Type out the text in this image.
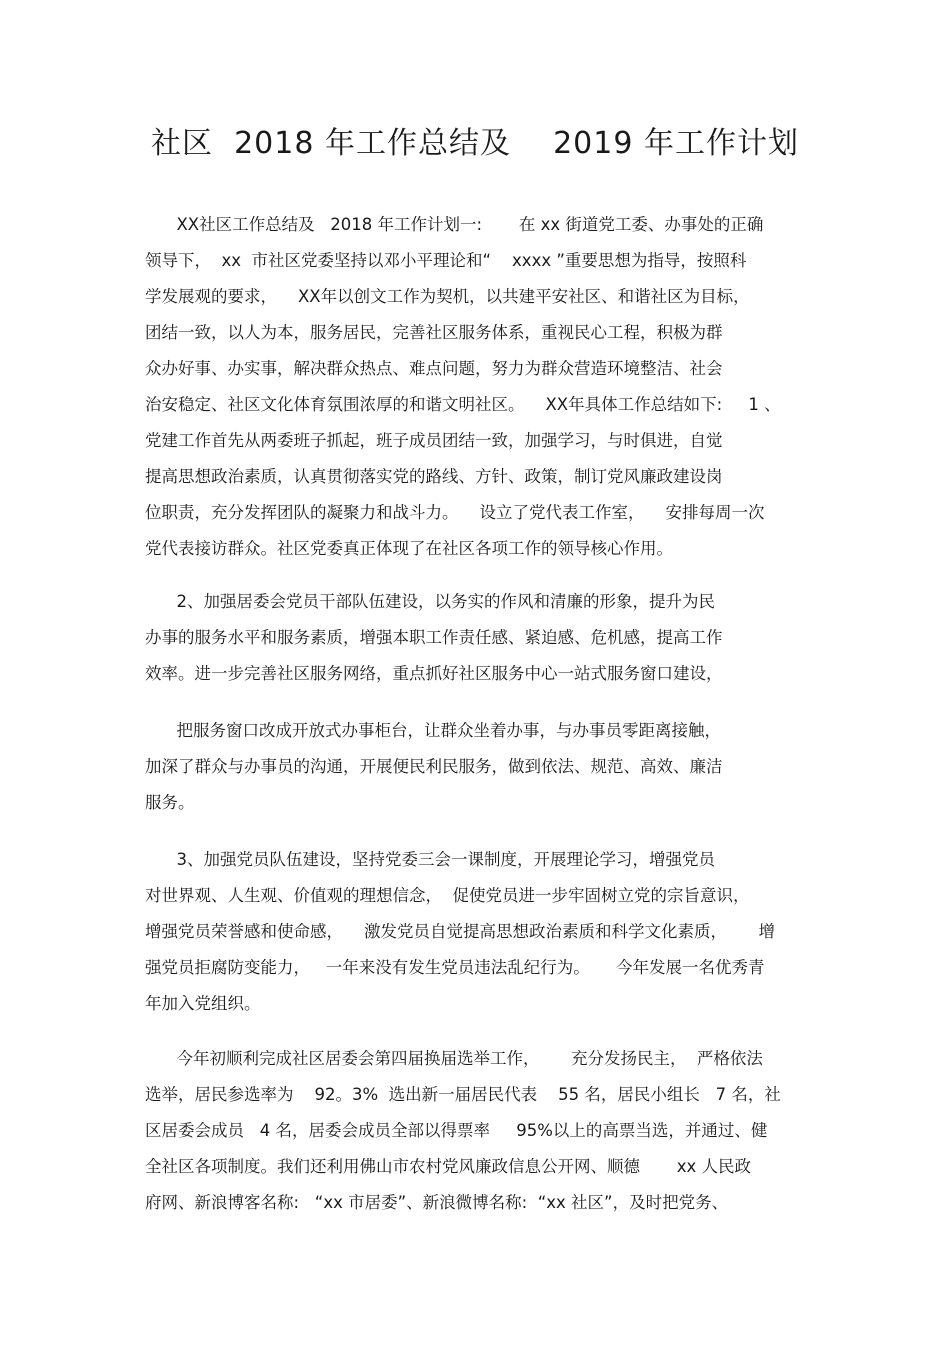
社区  2018 年工作总结及    2019 年工作计划
XX社区工作总结及   2018 年工作计划一:       在 xx 街道党工委、办事处的正确
领导下，  xx  市社区党委坚持以邓小平理论和“    xxxx ”重要思想为指导，按照科
学发展观的要求，    XX年以创文工作为契机，以共建平安社区、和谐社区为目标，
团结一致，以人为本，服务居民，完善社区服务体系，重视民心工程，积极为群
众办好事、办实事，解决群众热点、难点问题，努力为群众营造环境整洁、社会
治安稳定、社区文化体育氛围浓厚的和谐文明社区。    XX年具体工作总结如下:     1 、
党建工作首先从两委班子抓起，班子成员团结一致，加强学习，与时俱进，自觉
提高思想政治素质，认真贯彻落实党的路线、方针、政策，制订党风廉政建设岗
位职责，充分发挥团队的凝聚力和战斗力。    设立了党代表工作室，    安排每周一次
党代表接访群众。社区党委真正体现了在社区各项工作的领导核心作用。
2、加强居委会党员干部队伍建设，以务实的作风和清廉的形象，提升为民
办事的服务水平和服务素质，增强本职工作责任感、紧迫感、危机感，提高工作
效率。进一步完善社区服务网络，重点抓好社区服务中心一站式服务窗口建设，
把服务窗口改成开放式办事柜台，让群众坐着办事，与办事员零距离接触，
加深了群众与办事员的沟通，开展便民利民服务，做到依法、规范、高效、廉洁
服务。
3、加强党员队伍建设，坚持党委三会一课制度，开展理论学习，增强党员
对世界观、人生观、价值观的理想信念，  促使党员进一步牢固树立党的宗旨意识，
增强党员荣誉感和使命感，    激发党员自觉提高思想政治素质和科学文化素质，      增
强党员拒腐防变能力，   一年来没有发生党员违法乱纪行为。     今年发展一名优秀青
年加入党组织。
今年初顺利完成社区居委会第四届换届选举工作，      充分发扬民主，  严格依法
选举，居民参选率为    92。3%  选出新一届居民代表    55 名，居民小组长   7 名，社
区居委会成员   4 名，居委会成员全部以得票率     95%以上的高票当选，并通过、健
全社区各项制度。我们还利用佛山市农村党风廉政信息公开网、顺德       xx 人民政
府网、新浪博客名称:   “xx 市居委”、新浪微博名称:  “xx 社区”，及时把党务、
